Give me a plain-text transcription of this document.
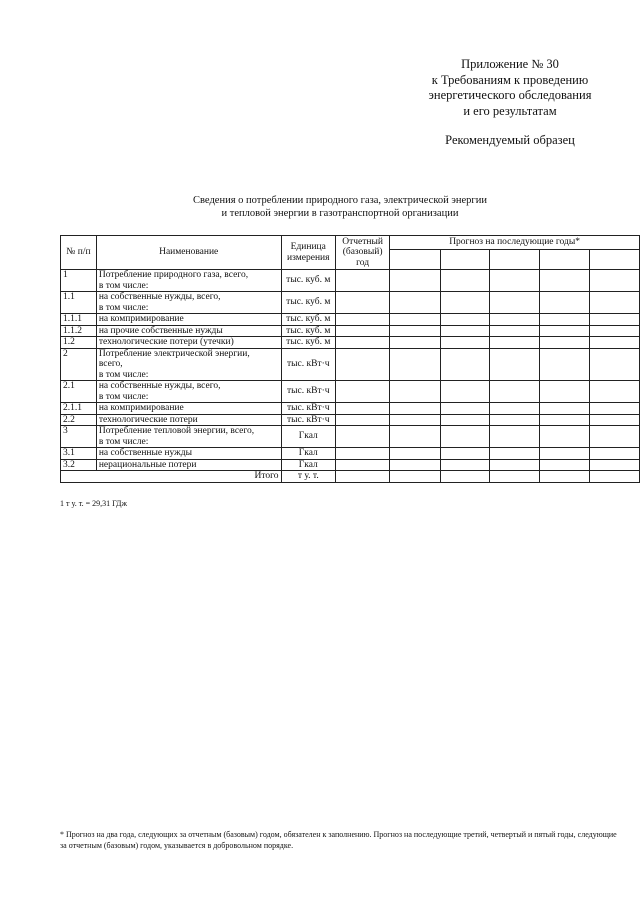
Приложение № 30
к Требованиям к проведению
энергетического обследования
и его результатам
Рекомендуемый образец
Сведения о потреблении природного газа, электрической энергии
и тепловой энергии в газотранспортной организации
№ п/п	Наименование	Единица измерения	Отчетный (базовый) год	Прогноз на последующие годы*				

1	Потребление природного газа, всего,
в том числе:	тыс. куб. м						
1.1	на собственные нужды, всего,
в том числе:	тыс. куб. м						
1.1.1	на компримирование	тыс. куб. м						
1.1.2	на прочие собственные нужды	тыс. куб. м						
1.2	технологические потери (утечки)	тыс. куб. м						
2	Потребление электрической энергии,
всего,
в том числе:	тыс. кВт·ч						
2.1	на собственные нужды, всего,
в том числе:	тыс. кВт·ч						
2.1.1	на компримирование	тыс. кВт·ч						
2.2	технологические потери	тыс. кВт·ч						
3	Потребление тепловой энергии, всего,
в том числе:	Гкал						
3.1	на собственные нужды	Гкал						
3.2	нерациональные потери	Гкал						
	Итого	т у. т.						
1 т у. т. = 29,31 ГДж
* Прогноз на два года, следующих за отчетным (базовым) годом, обязателен к заполнению. Прогноз на последующие третий, четвертый и пятый годы, следующие за отчетным (базовым) годом, указывается в добровольном порядке.
